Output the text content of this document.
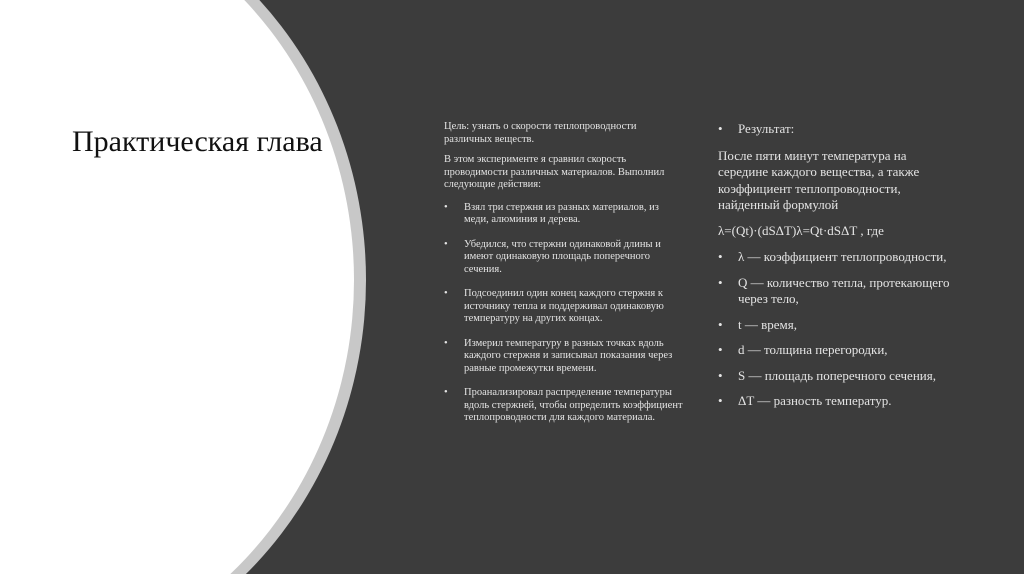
Практическая глава	Цель: узнать о скорости теплопроводности различных веществ.

В этом эксперименте я сравнил скорость проводимости различных материалов. Выполнил следующие действия:

• Взял три стержня из разных материалов, из меди, алюминия и дерева.
• Убедился, что стержни одинаковой длины и имеют одинаковую площадь поперечного сечения.
• Подсоединил один конец каждого стержня к источнику тепла и поддерживал одинаковую температуру на других концах.
• Измерил температуру в разных точках вдоль каждого стержня и записывал показания через равные промежутки времени.
• Проанализировал распределение температуры вдоль стержней, чтобы определить коэффициент теплопроводности для каждого материала.
• Результат:

После пяти минут температура на середине каждого вещества, а также коэффициент теплопроводности, найденный формулой

λ=(Qt)·(dSΔT)λ=Qt·dSΔT , где

• λ — коэффициент теплопроводности,
• Q — количество тепла, протекающего через тело,
• t — время,
• d — толщина перегородки,
• S — площадь поперечного сечения,
• ΔT — разность температур.
